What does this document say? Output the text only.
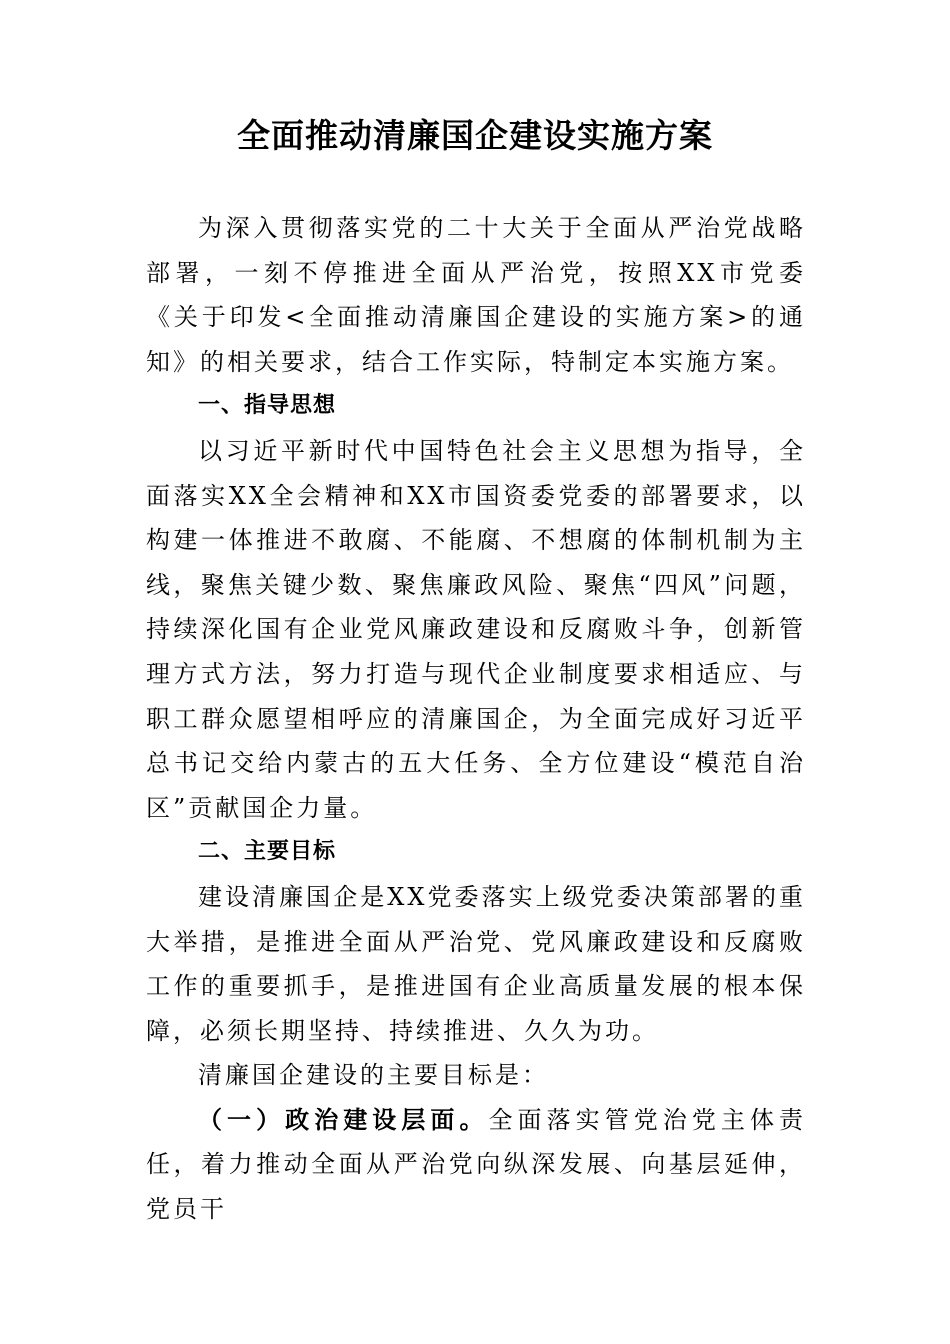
全面推动清廉国企建设实施方案

为深入贯彻落实党的二十大关于全面从严治党战略部署，一刻不停推进全面从严治党，按照XX市党委《关于印发<全面推动清廉国企建设的实施方案>的通知》的相关要求，结合工作实际，特制定本实施方案。

一、指导思想

以习近平新时代中国特色社会主义思想为指导，全面落实XX全会精神和XX市国资委党委的部署要求，以构建一体推进不敢腐、不能腐、不想腐的体制机制为主线，聚焦关键少数、聚焦廉政风险、聚焦“四风”问题，持续深化国有企业党风廉政建设和反腐败斗争，创新管理方式方法，努力打造与现代企业制度要求相适应、与职工群众愿望相呼应的清廉国企，为全面完成好习近平总书记交给内蒙古的五大任务、全方位建设“模范自治区”贡献国企力量。

二、主要目标

建设清廉国企是XX党委落实上级党委决策部署的重大举措，是推进全面从严治党、党风廉政建设和反腐败工作的重要抓手，是推进国有企业高质量发展的根本保障，必须长期坚持、持续推进、久久为功。

清廉国企建设的主要目标是：

（一）政治建设层面。全面落实管党治党主体责任，着力推动全面从严治党向纵深发展、向基层延伸，党员干
